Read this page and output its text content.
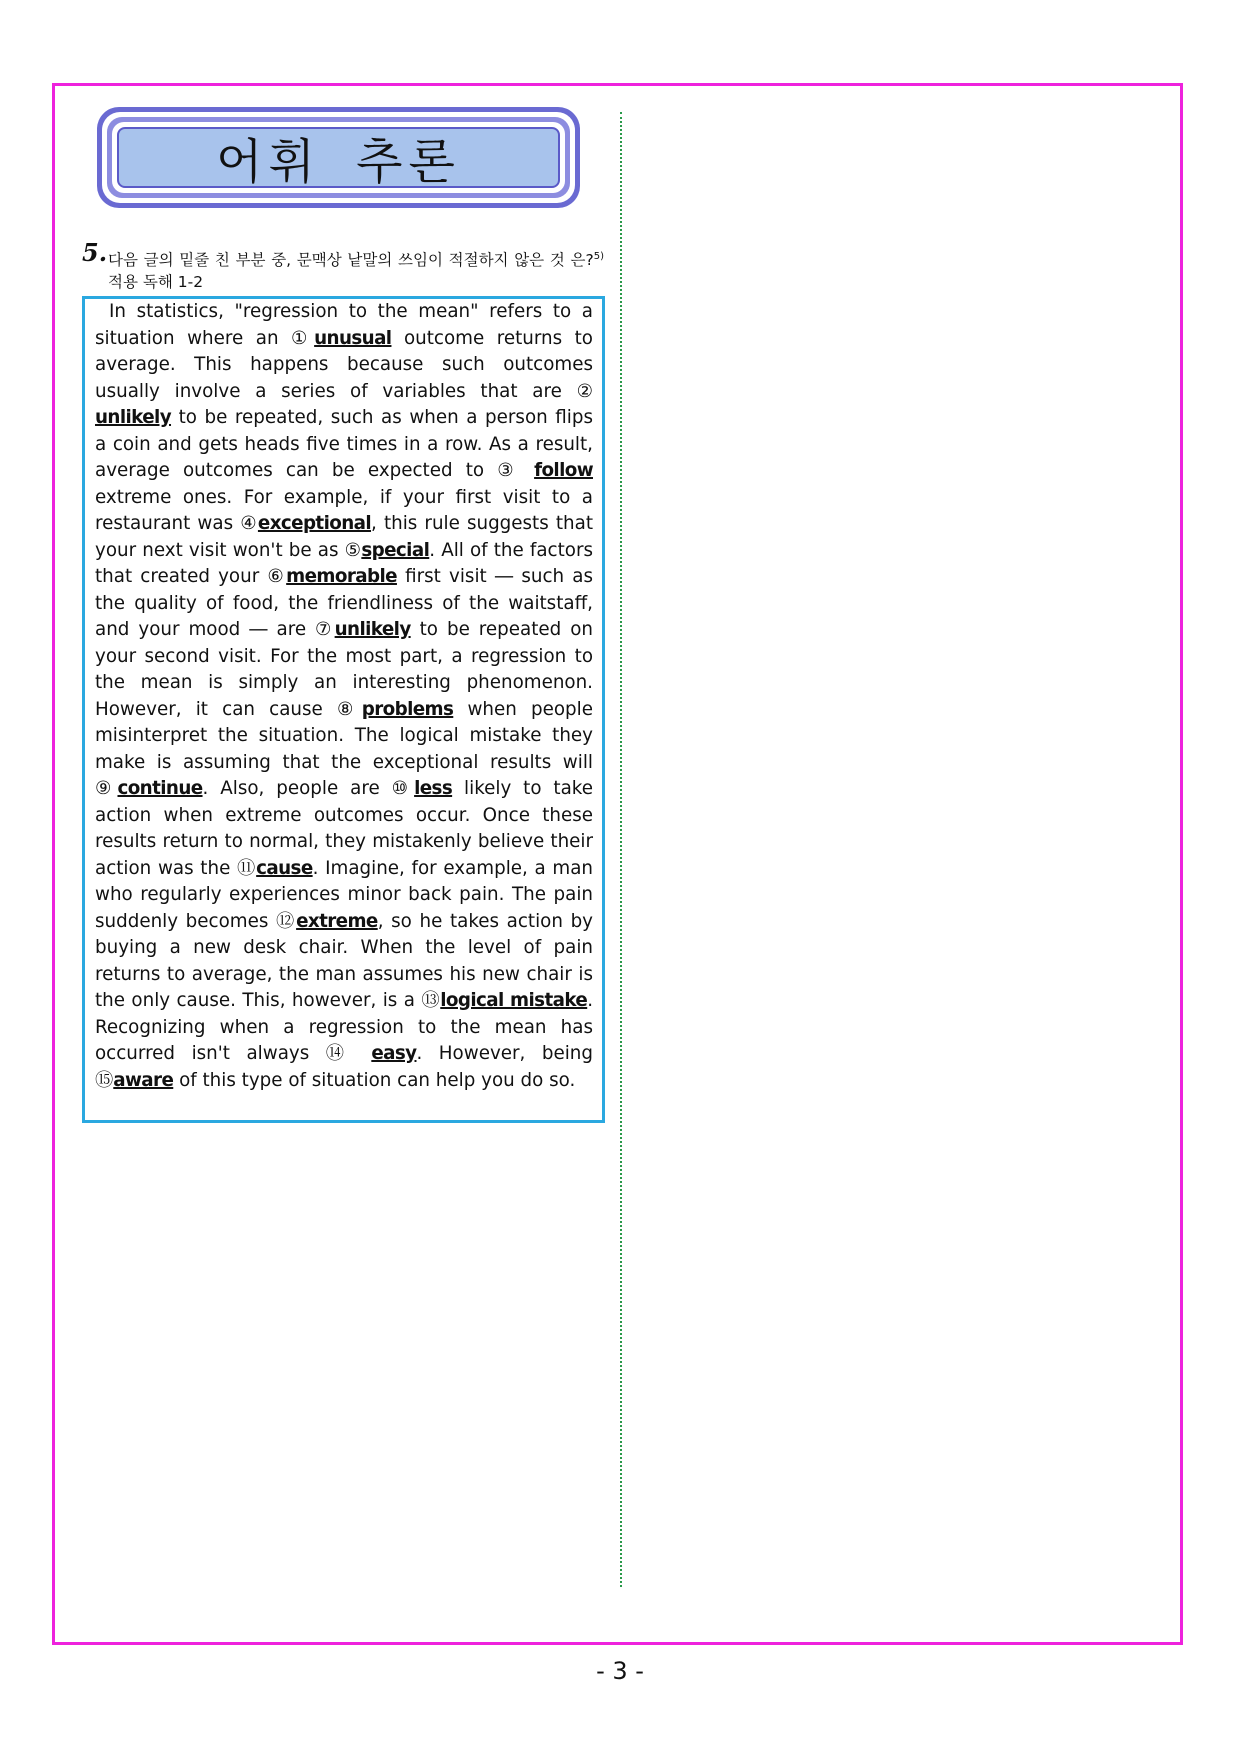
어휘 추론
5. 다음 글의 밑줄 친 부분 중, 문맥상 낱말의 쓰임이 적절하지 않은 것 은?$^{5)}$적용 독해 1-2

In statistics, "regression to the mean" refers to a situation where an ①unusual outcome returns to average. This happens because such outcomes usually involve a series of variables that are ② unlikely to be repeated, such as when a person flips a coin and gets heads five times in a row. As a result, average outcomes can be expected to ③ follow extreme ones. For example, if your first visit to a restaurant was ④exceptional, this rule suggests that your next visit won't be as ⑤special. All of the factors that created your ⑥memorable first visit ― such as the quality of food, the friendliness of the waitstaff, and your mood ― are ⑦unlikely to be repeated on your second visit. For the most part, a regression to the mean is simply an interesting phenomenon. However, it can cause ⑧problems when people misinterpret the situation. The logical mistake they make is assuming that the exceptional results will ⑨continue. Also, people are ⑩less likely to take action when extreme outcomes occur. Once these results return to normal, they mistakenly believe their action was the ⑪cause. Imagine, for example, a man who regularly experiences minor back pain. The pain suddenly becomes ⑫extreme, so he takes action by buying a new desk chair. When the level of pain returns to average, the man assumes his new chair is the only cause. This, however, is a ⑬logical mistake. Recognizing when a regression to the mean has occurred isn't always ⑭ easy. However, being ⑮aware of this type of situation can help you do so.

- 3 -
